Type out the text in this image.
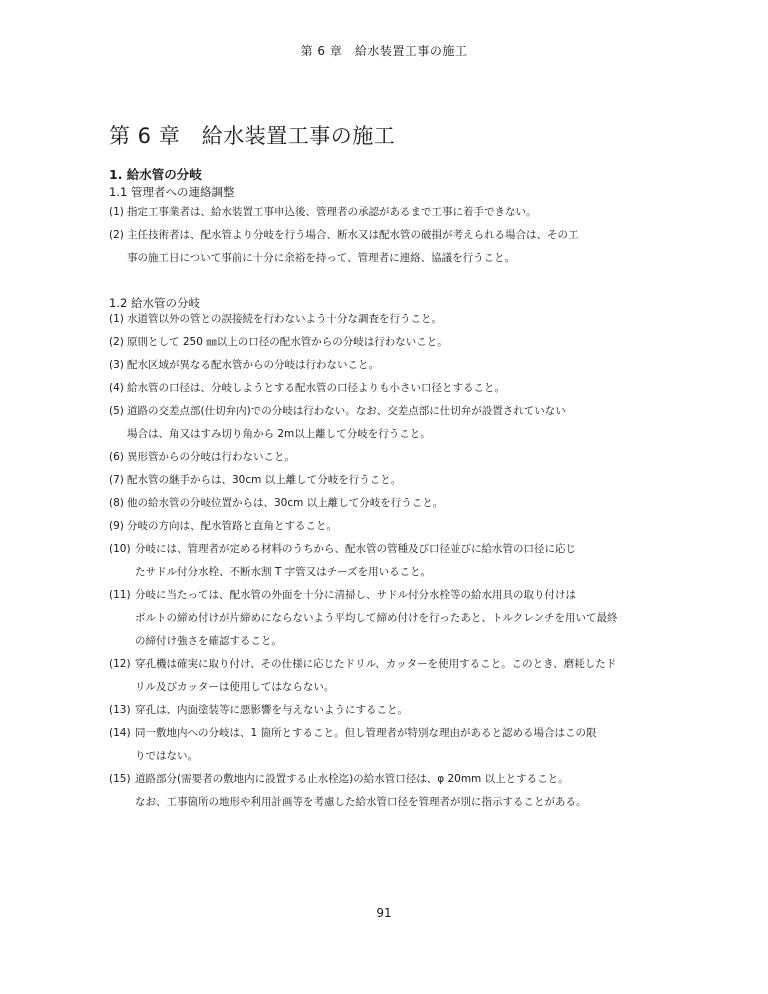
第 6 章　給水装置工事の施工
第 6 章　給水装置工事の施工
1. 給水管の分岐
1.1 管理者への連絡調整
(1) 指定工事業者は、給水装置工事申込後、管理者の承認があるまで工事に着手できない。
(2) 主任技術者は、配水管より分岐を行う場合、断水又は配水管の破損が考えられる場合は、その工
事の施工日について事前に十分に余裕を持って、管理者に連絡、協議を行うこと。
1.2 給水管の分岐
(1) 水道管以外の管との誤接続を行わないよう十分な調査を行うこと。
(2) 原則として 250 ㎜以上の口径の配水管からの分岐は行わないこと。
(3) 配水区域が異なる配水管からの分岐は行わないこと。
(4) 給水管の口径は、分岐しようとする配水管の口径よりも小さい口径とすること。
(5) 道路の交差点部(仕切弁内)での分岐は行わない。なお、交差点部に仕切弁が設置されていない
場合は、角又はすみ切り角から 2m以上離して分岐を行うこと。
(6) 異形管からの分岐は行わないこと。
(7) 配水管の継手からは、30cm 以上離して分岐を行うこと。
(8) 他の給水管の分岐位置からは、30cm 以上離して分岐を行うこと。
(9) 分岐の方向は、配水管路と直角とすること。
(10) 分岐には、管理者が定める材料のうちから、配水管の管種及び口径並びに給水管の口径に応じ
たサドル付分水栓、不断水割 T 字管又はチーズを用いること。
(11) 分岐に当たっては、配水管の外面を十分に清掃し、サドル付分水栓等の給水用具の取り付けは
ボルトの締め付けが片締めにならないよう平均して締め付けを行ったあと、トルクレンチを用いて最終
の締付け強さを確認すること。
(12) 穿孔機は確実に取り付け、その仕様に応じたドリル、カッターを使用すること。このとき、磨耗したド
リル及びカッターは使用してはならない。
(13) 穿孔は、内面塗装等に悪影響を与えないようにすること。
(14) 同一敷地内への分岐は、1 箇所とすること。但し管理者が特別な理由があると認める場合はこの限
りではない。
(15) 道路部分(需要者の敷地内に設置する止水栓迄)の給水管口径は、φ 20mm 以上とすること。
なお、工事箇所の地形や利用計画等を考慮した給水管口径を管理者が別に指示することがある。
91
